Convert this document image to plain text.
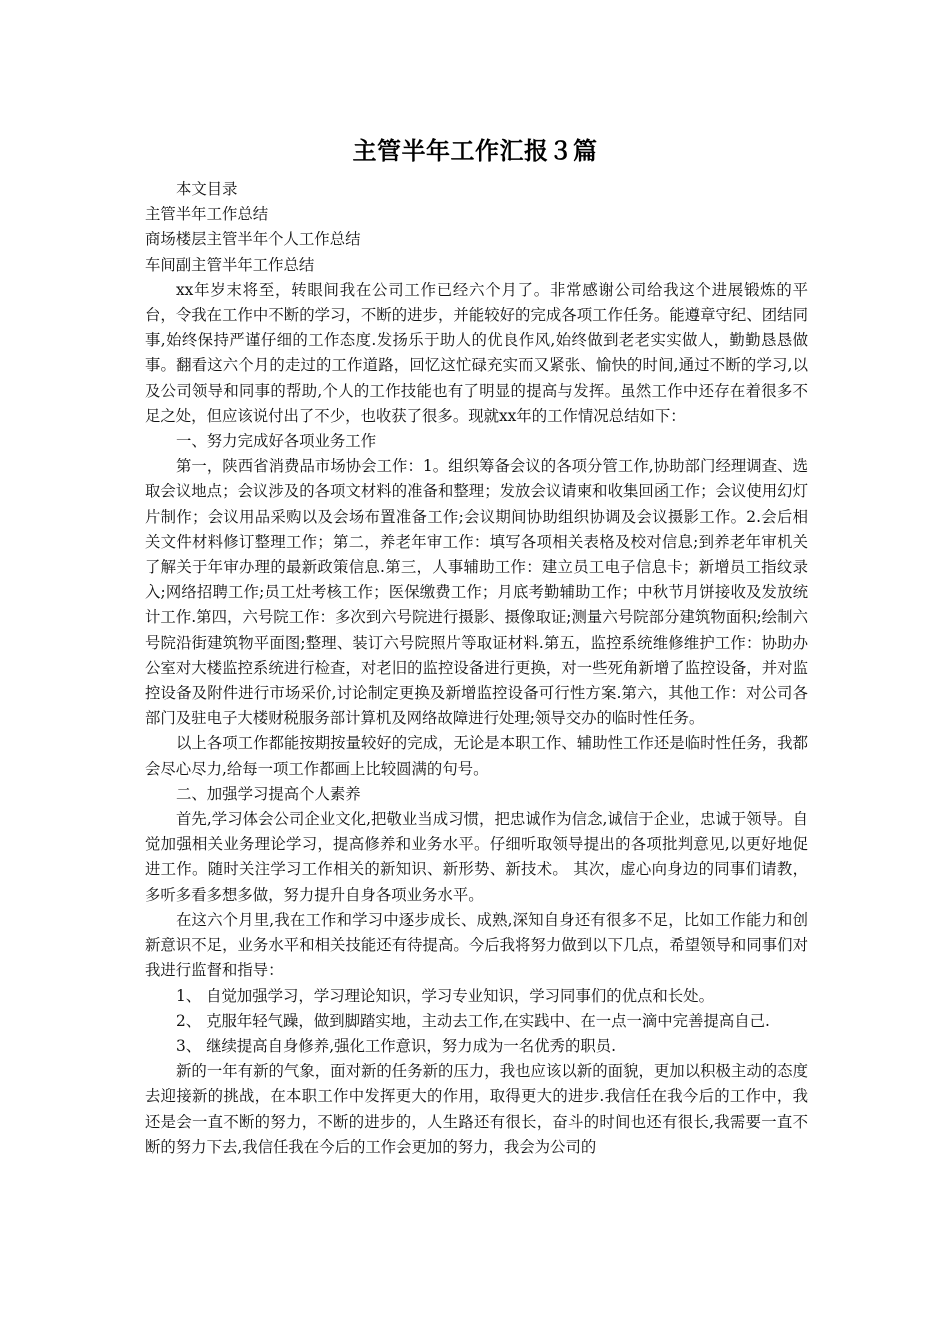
主管半年工作汇报３篇

本文目录

主管半年工作总结

商场楼层主管半年个人工作总结

车间副主管半年工作总结

xx年岁末将至，转眼间我在公司工作已经六个月了。非常感谢公司给我这个进展锻炼的平台，令我在工作中不断的学习，不断的进步，并能较好的完成各项工作任务。能遵章守纪、团结同事,始终保持严谨仔细的工作态度.发扬乐于助人的优良作风,始终做到老老实实做人，勤勤恳恳做事。翻看这六个月的走过的工作道路，回忆这忙碌充实而又紧张、愉快的时间,通过不断的学习,以及公司领导和同事的帮助,个人的工作技能也有了明显的提高与发挥。虽然工作中还存在着很多不足之处，但应该说付出了不少，也收获了很多。现就xx年的工作情况总结如下：

一、努力完成好各项业务工作

第一，陕西省消费品市场协会工作：1。组织筹备会议的各项分管工作,协助部门经理调查、选取会议地点；会议涉及的各项文材料的准备和整理；发放会议请柬和收集回函工作；会议使用幻灯片制作；会议用品采购以及会场布置准备工作;会议期间协助组织协调及会议摄影工作。2.会后相关文件材料修订整理工作；第二，养老年审工作：填写各项相关表格及校对信息;到养老年审机关了解关于年审办理的最新政策信息.第三，人事辅助工作：建立员工电子信息卡；新增员工指纹录入;网络招聘工作;员工灶考核工作；医保缴费工作；月底考勤辅助工作；中秋节月饼接收及发放统计工作.第四，六号院工作：多次到六号院进行摄影、摄像取证;测量六号院部分建筑物面积;绘制六号院沿街建筑物平面图;整理、装订六号院照片等取证材料.第五，监控系统维修维护工作：协助办公室对大楼监控系统进行检查，对老旧的监控设备进行更换，对一些死角新增了监控设备，并对监控设备及附件进行市场采价,讨论制定更换及新增监控设备可行性方案.第六，其他工作：对公司各部门及驻电子大楼财税服务部计算机及网络故障进行处理;领导交办的临时性任务。

以上各项工作都能按期按量较好的完成，无论是本职工作、辅助性工作还是临时性任务，我都会尽心尽力,给每一项工作都画上比较圆满的句号。

二、加强学习提高个人素养

首先,学习体会公司企业文化,把敬业当成习惯，把忠诚作为信念,诚信于企业，忠诚于领导。自觉加强相关业务理论学习，提高修养和业务水平。仔细听取领导提出的各项批判意见,以更好地促进工作。随时关注学习工作相关的新知识、新形势、新技术。 其次，虚心向身边的同事们请教，多听多看多想多做，努力提升自身各项业务水平。

在这六个月里,我在工作和学习中逐步成长、成熟,深知自身还有很多不足，比如工作能力和创新意识不足，业务水平和相关技能还有待提高。今后我将努力做到以下几点，希望领导和同事们对我进行监督和指导：

1、 自觉加强学习，学习理论知识，学习专业知识，学习同事们的优点和长处。

2、 克服年轻气躁，做到脚踏实地，主动去工作,在实践中、在一点一滴中完善提高自己.

3、 继续提高自身修养,强化工作意识，努力成为一名优秀的职员.

新的一年有新的气象，面对新的任务新的压力，我也应该以新的面貌，更加以积极主动的态度去迎接新的挑战，在本职工作中发挥更大的作用，取得更大的进步.我信任在我今后的工作中，我还是会一直不断的努力，不断的进步的，人生路还有很长，奋斗的时间也还有很长,我需要一直不断的努力下去,我信任我在今后的工作会更加的努力，我会为公司的
